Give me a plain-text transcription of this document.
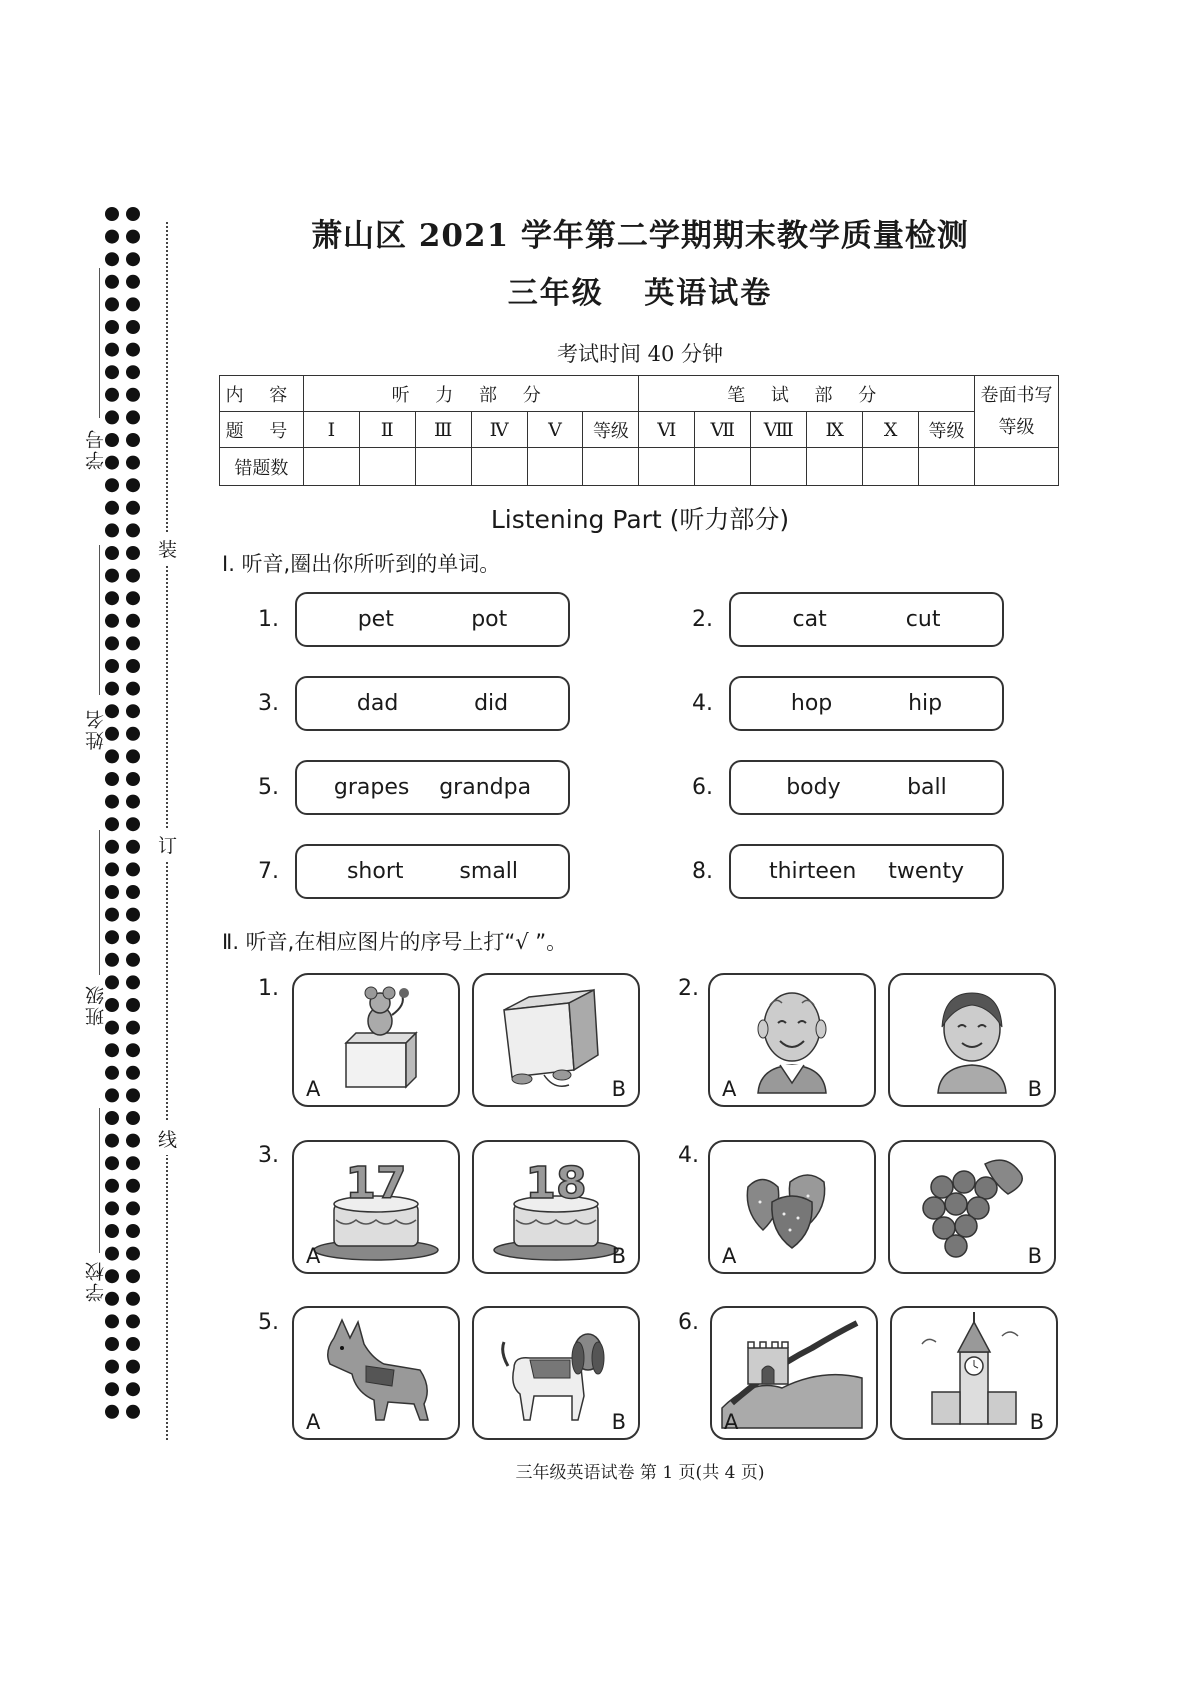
学号
姓名
班级
学校
装
订
线
萧山区 2021 学年第二学期期末教学质量检测
三年级 英语试卷
考试时间 40 分钟
内 容	听 力 部 分						笔 试 部 分						卷面书写等级
题 号	Ⅰ	Ⅱ	Ⅲ	Ⅳ	Ⅴ	等级	Ⅵ	Ⅶ	Ⅷ	Ⅸ	Ⅹ	等级	
错题数													
Listening Part (听力部分)
Ⅰ. 听音,圈出你所听到的单词。
1.	pet	pot	2.	cat	cut
3.	dad	did	4.	hop	hip
5. grapes grandpa	6.	body	ball
7.	short	small	8.	thirteen twenty
Ⅱ. 听音,在相应图片的序号上打“√ ”。
1.
A	B
2.
A	B
3.
17
A
18
B
4.
A	B
5.
A	B
6.
A	B
三年级英语试卷 第 1 页(共 4 页)
